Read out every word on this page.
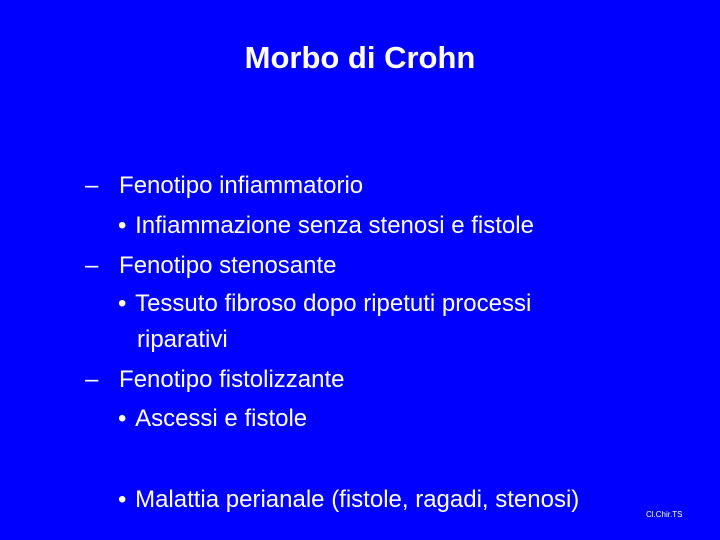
Morbo di Crohn
– Fenotipo infiammatorio
• Infiammazione senza stenosi e fistole
– Fenotipo stenosante
• Tessuto fibroso dopo ripetuti processi
riparativi
– Fenotipo fistolizzante
• Ascessi e fistole
• Malattia perianale (fistole, ragadi, stenosi)
Cl.Chir.TS
